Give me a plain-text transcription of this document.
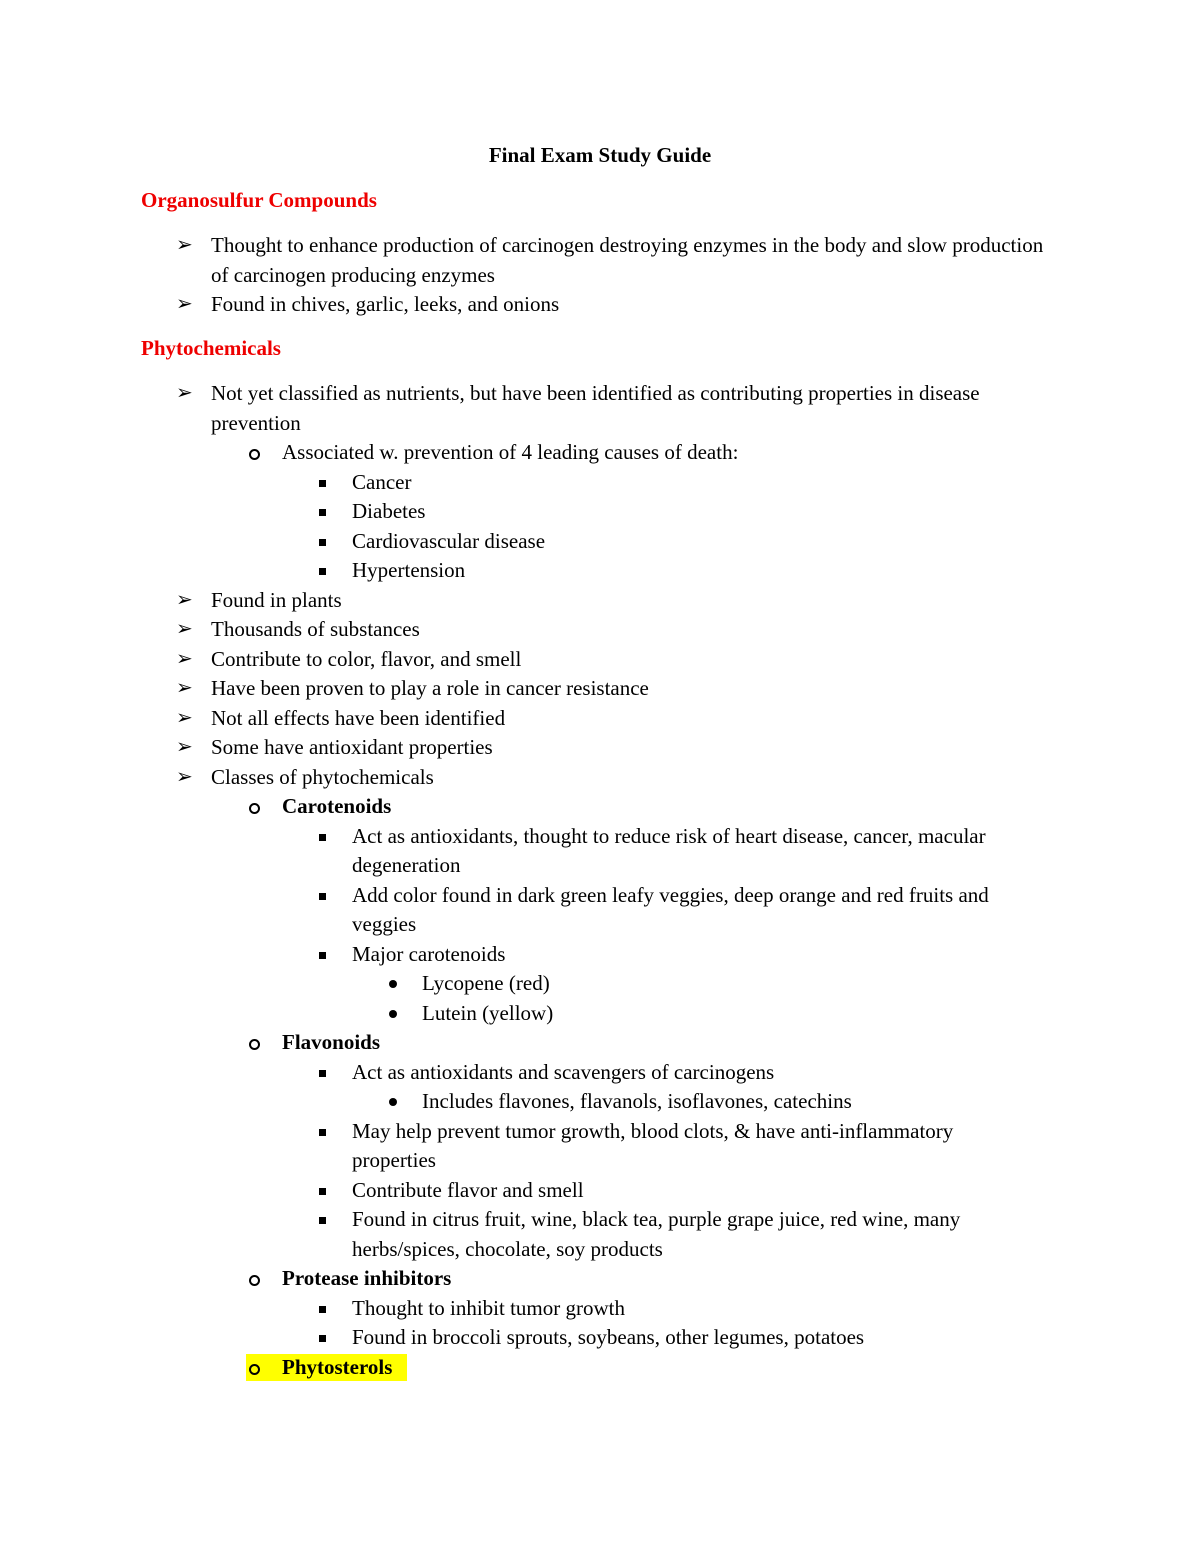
Final Exam Study Guide
Organosulfur Compounds
➢ Thought to enhance production of carcinogen destroying enzymes in the body and slow production of carcinogen producing enzymes
➢ Found in chives, garlic, leeks, and onions
Phytochemicals
➢ Not yet classified as nutrients, but have been identified as contributing properties in disease prevention
Associated w. prevention of 4 leading causes of death:
Cancer
Diabetes
Cardiovascular disease
Hypertension
➢ Found in plants
➢ Thousands of substances
➢ Contribute to color, flavor, and smell
➢ Have been proven to play a role in cancer resistance
➢ Not all effects have been identified
➢ Some have antioxidant properties
➢ Classes of phytochemicals
Carotenoids
Act as antioxidants, thought to reduce risk of heart disease, cancer, macular degeneration
Add color found in dark green leafy veggies, deep orange and red fruits and veggies
Major carotenoids
Lycopene (red)
Lutein (yellow)
Flavonoids
Act as antioxidants and scavengers of carcinogens
Includes flavones, flavanols, isoflavones, catechins
May help prevent tumor growth, blood clots, & have anti-inflammatory properties
Contribute flavor and smell
Found in citrus fruit, wine, black tea, purple grape juice, red wine, many herbs/spices, chocolate, soy products
Protease inhibitors
Thought to inhibit tumor growth
Found in broccoli sprouts, soybeans, other legumes, potatoes
Phytosterols
